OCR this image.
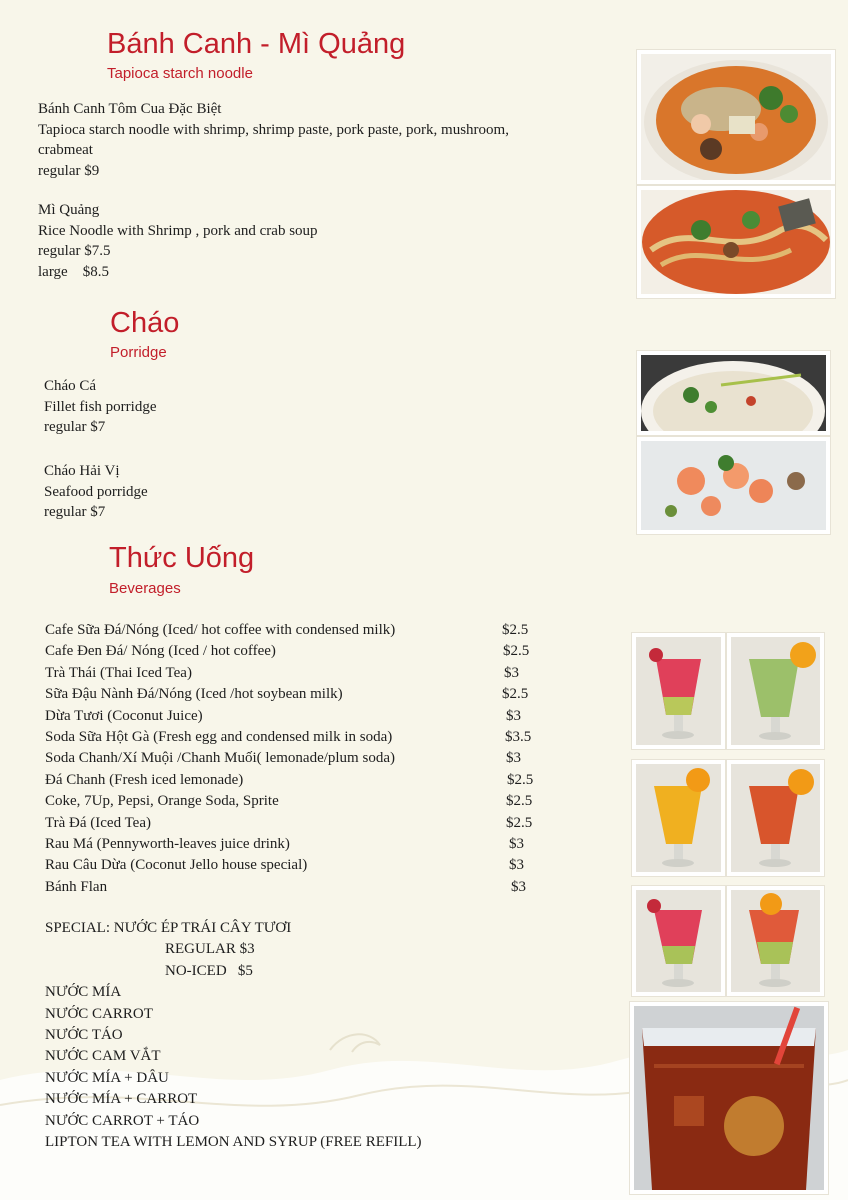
Bánh Canh - Mì Quảng
Tapioca starch noodle
Bánh Canh Tôm Cua Đặc Biệt
Tapioca starch noodle with shrimp, shrimp paste, pork paste, pork, mushroom,
crabmeat
regular $9
Mì Quảng
Rice Noodle with Shrimp , pork and crab soup
regular $7.5
large    $8.5
Cháo
Porridge
Cháo Cá
Fillet fish porridge
regular $7
Cháo Hải Vị
Seafood porridge
regular $7
Thức Uống
Beverages
Cafe Sữa Đá/Nóng (Iced/ hot coffee with condensed milk)	$2.5
Cafe Đen Đá/ Nóng (Iced / hot coffee)	$2.5
Trà Thái (Thai Iced Tea)	$3
Sữa Đậu Nành Đá/Nóng (Iced /hot soybean milk)	$2.5
Dừa Tươi (Coconut Juice)	$3
Soda Sữa Hột Gà (Fresh egg and condensed milk in soda)	$3.5
Soda Chanh/Xí Muội /Chanh Muối( lemonade/plum soda)	$3
Đá Chanh (Fresh iced lemonade)	$2.5
Coke, 7Up, Pepsi, Orange Soda, Sprite	$2.5
Trà Đá (Iced Tea)	$2.5
Rau Má (Pennyworth-leaves juice drink)	$3
Rau Câu Dừa (Coconut Jello house special)	$3
Bánh Flan	$3
SPECIAL: NƯỚC ÉP TRÁI CÂY TƯƠI
REGULAR $3
NO-ICED   $5
NƯỚC MÍA
NƯỚC CARROT
NƯỚC TÁO
NƯỚC CAM VẮT
NƯỚC MÍA + DÂU
NƯỚC MÍA + CARROT
NƯỚC CARROT + TÁO
LIPTON TEA WITH LEMON AND SYRUP (FREE REFILL)
